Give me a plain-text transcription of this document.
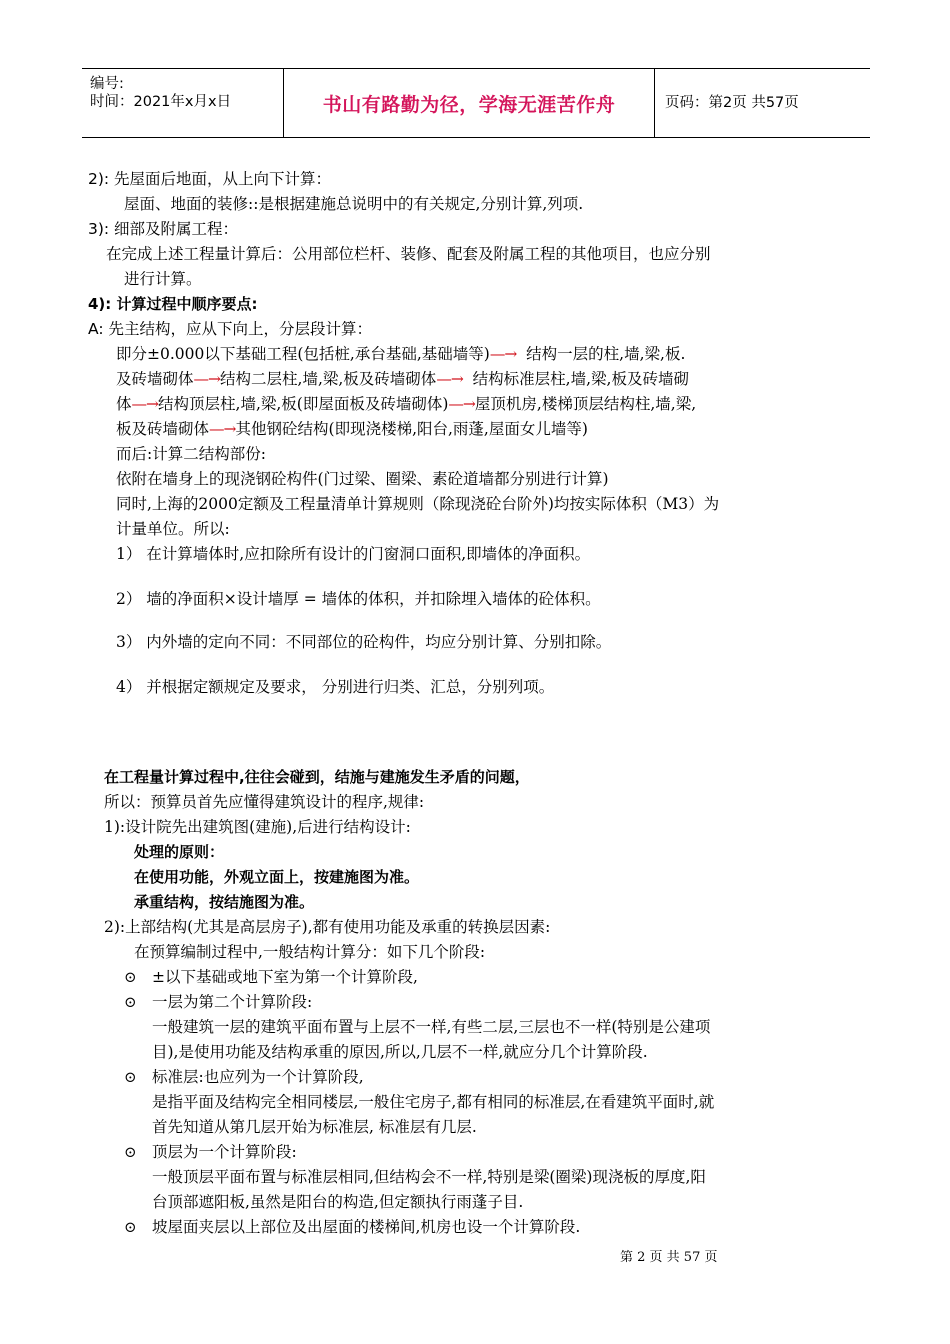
编号:
时间：2021年x月x日	书山有路勤为径，学海无涯苦作舟	页码：第2页 共57页
2): 先屋面后地面，从上向下计算：
屋面、地面的装修::是根据建施总说明中的有关规定,分别计算,列项.
3): 细部及附属工程：
在完成上述工程量计算后：公用部位栏杆、装修、配套及附属工程的其他项目，也应分别
进行计算。
4): 计算过程中顺序要点:
A: 先主结构，应从下向上，分层段计算：
即分±0.000以下基础工程(包括桩,承台基础,基础墙等)—→ 结构一层的柱,墙,梁,板.
及砖墙砌体—→结构二层柱,墙,梁,板及砖墙砌体—→ 结构标准层柱,墙,梁,板及砖墙砌
体—→结构顶层柱,墙,梁,板(即屋面板及砖墙砌体)—→屋顶机房,楼梯顶层结构柱,墙,梁,
板及砖墙砌体—→其他钢砼结构(即现浇楼梯,阳台,雨蓬,屋面女儿墙等)
而后:计算二结构部份:
依附在墙身上的现浇钢砼构件(门过梁、圈梁、素砼道墙都分别进行计算)
同时,上海的2000定额及工程量清单计算规则（除现浇砼台阶外)均按实际体积（M3）为
计量单位。所以:
1） 在计算墙体时,应扣除所有设计的门窗洞口面积,即墙体的净面积。
2） 墙的净面积×设计墙厚 = 墙体的体积，并扣除埋入墙体的砼体积。
3） 内外墙的定向不同：不同部位的砼构件，均应分别计算、分别扣除。
4） 并根据定额规定及要求， 分别进行归类、汇总，分别列项。
在工程量计算过程中,往往会碰到，结施与建施发生矛盾的问题，
所以：预算员首先应懂得建筑设计的程序,规律:
1):设计院先出建筑图(建施),后进行结构设计:
处理的原则：
在使用功能，外观立面上，按建施图为准。
承重结构，按结施图为准。
2):上部结构(尤其是高层房子),都有使用功能及承重的转换层因素:
在预算编制过程中,一般结构计算分：如下几个阶段:
⊙ ±以下基础或地下室为第一个计算阶段,
⊙ 一层为第二个计算阶段:
一般建筑一层的建筑平面布置与上层不一样,有些二层,三层也不一样(特别是公建项
目),是使用功能及结构承重的原因,所以,几层不一样,就应分几个计算阶段.
⊙ 标准层:也应列为一个计算阶段,
是指平面及结构完全相同楼层,一般住宅房子,都有相同的标准层,在看建筑平面时,就
首先知道从第几层开始为标准层, 标准层有几层.
⊙ 顶层为一个计算阶段:
一般顶层平面布置与标准层相同,但结构会不一样,特别是梁(圈梁)现浇板的厚度,阳
台顶部遮阳板,虽然是阳台的构造,但定额执行雨蓬子目.
⊙ 坡屋面夹层以上部位及出屋面的楼梯间,机房也设一个计算阶段.
第 2 页 共 57 页
